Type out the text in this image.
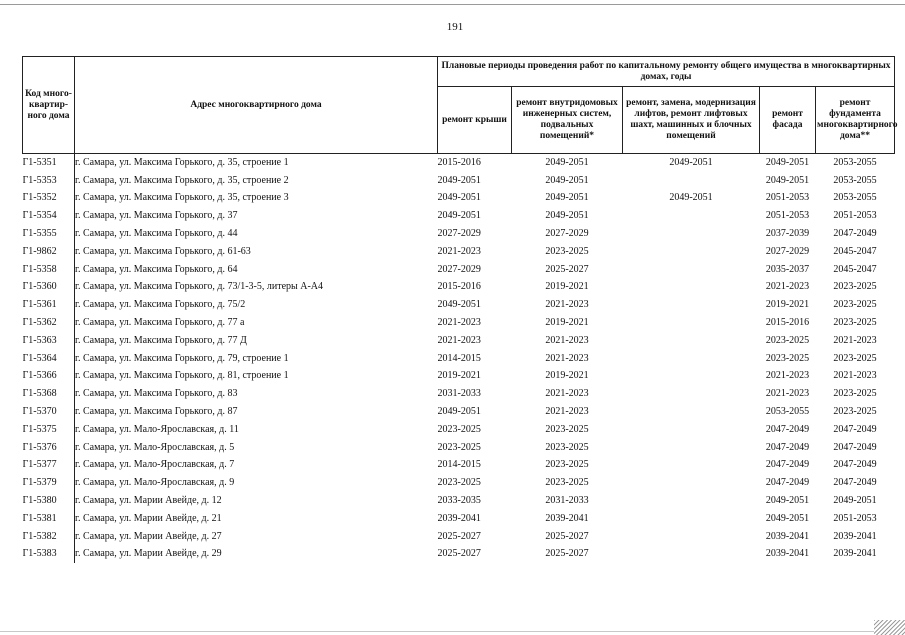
191
Код много-квартир-ного дома	Адрес многоквартирного дома	Плановые периоды проведения работ по капитальному ремонту общего имущества в многоквартирных домах, годы				
		ремонт крыши	ремонт внутридомовых инженерных систем, подвальных помещений*	ремонт, замена, модернизация лифтов, ремонт лифтовых шахт, машинных и блочных помещений	ремонт фасада	ремонт фундамента многоквартирного дома**
Г1-5351	г. Самара, ул. Максима Горького, д. 35, строение 1	2015-2016	2049-2051	2049-2051	2049-2051	2053-2055
Г1-5353	г. Самара, ул. Максима Горького, д. 35, строение 2	2049-2051	2049-2051		2049-2051	2053-2055
Г1-5352	г. Самара, ул. Максима Горького, д. 35, строение 3	2049-2051	2049-2051	2049-2051	2051-2053	2053-2055
Г1-5354	г. Самара, ул. Максима Горького, д. 37	2049-2051	2049-2051		2051-2053	2051-2053
Г1-5355	г. Самара, ул. Максима Горького, д. 44	2027-2029	2027-2029		2037-2039	2047-2049
Г1-9862	г. Самара, ул. Максима Горького, д. 61-63	2021-2023	2023-2025		2027-2029	2045-2047
Г1-5358	г. Самара, ул. Максима Горького, д. 64	2027-2029	2025-2027		2035-2037	2045-2047
Г1-5360	г. Самара, ул. Максима Горького, д. 73/1-3-5, литеры А-А4	2015-2016	2019-2021		2021-2023	2023-2025
Г1-5361	г. Самара, ул. Максима Горького, д. 75/2	2049-2051	2021-2023		2019-2021	2023-2025
Г1-5362	г. Самара, ул. Максима Горького, д. 77 а	2021-2023	2019-2021		2015-2016	2023-2025
Г1-5363	г. Самара, ул. Максима Горького, д. 77 Д	2021-2023	2021-2023		2023-2025	2021-2023
Г1-5364	г. Самара, ул. Максима Горького, д. 79, строение 1	2014-2015	2021-2023		2023-2025	2023-2025
Г1-5366	г. Самара, ул. Максима Горького, д. 81, строение 1	2019-2021	2019-2021		2021-2023	2021-2023
Г1-5368	г. Самара, ул. Максима Горького, д. 83	2031-2033	2021-2023		2021-2023	2023-2025
Г1-5370	г. Самара, ул. Максима Горького, д. 87	2049-2051	2021-2023		2053-2055	2023-2025
Г1-5375	г. Самара, ул. Мало-Ярославская, д. 11	2023-2025	2023-2025		2047-2049	2047-2049
Г1-5376	г. Самара, ул. Мало-Ярославская, д. 5	2023-2025	2023-2025		2047-2049	2047-2049
Г1-5377	г. Самара, ул. Мало-Ярославская, д. 7	2014-2015	2023-2025		2047-2049	2047-2049
Г1-5379	г. Самара, ул. Мало-Ярославская, д. 9	2023-2025	2023-2025		2047-2049	2047-2049
Г1-5380	г. Самара, ул. Марии Авейде, д. 12	2033-2035	2031-2033		2049-2051	2049-2051
Г1-5381	г. Самара, ул. Марии Авейде, д. 21	2039-2041	2039-2041		2049-2051	2051-2053
Г1-5382	г. Самара, ул. Марии Авейде, д. 27	2025-2027	2025-2027		2039-2041	2039-2041
Г1-5383	г. Самара, ул. Марии Авейде, д. 29	2025-2027	2025-2027		2039-2041	2039-2041
